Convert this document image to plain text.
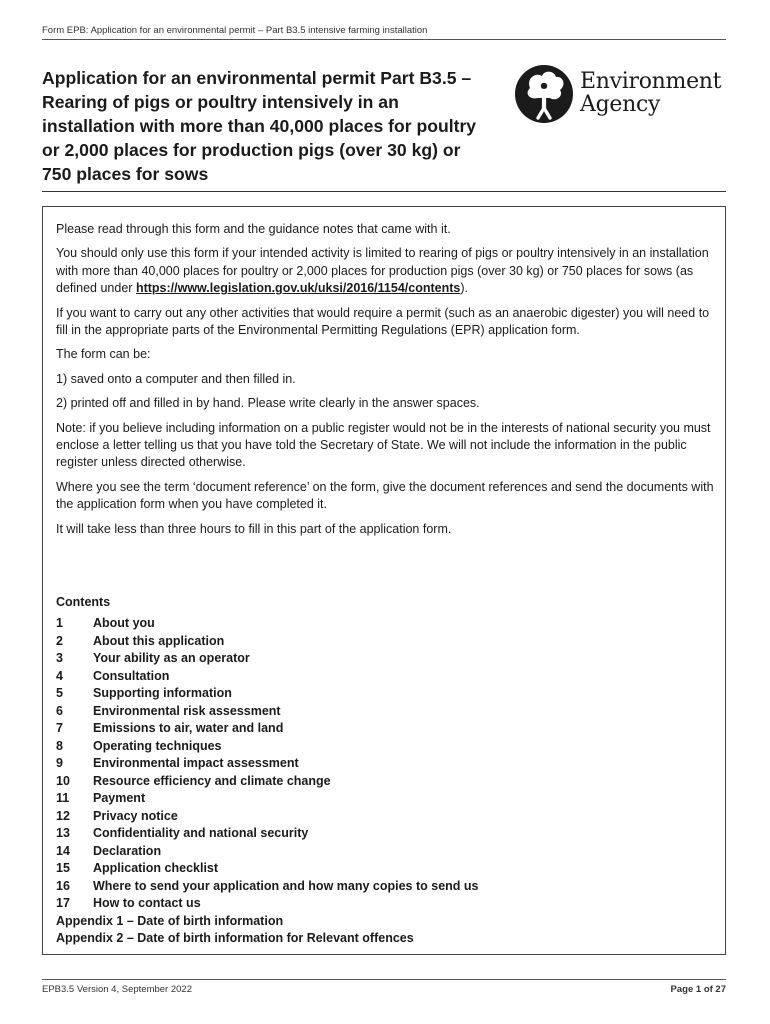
Form EPB: Application for an environmental permit – Part B3.5 intensive farming installation
Application for an environmental permit Part B3.5 – Rearing of pigs or poultry intensively in an installation with more than 40,000 places for poultry or 2,000 places for production pigs (over 30 kg) or 750 places for sows
Environment
Agency

Please read through this form and the guidance notes that came with it.

You should only use this form if your intended activity is limited to rearing of pigs or poultry intensively in an installation with more than 40,000 places for poultry or 2,000 places for production pigs (over 30 kg) or 750 places for sows (as defined under https://www.legislation.gov.uk/uksi/2016/1154/contents).

If you want to carry out any other activities that would require a permit (such as an anaerobic digester) you will need to fill in the appropriate parts of the Environmental Permitting Regulations (EPR) application form.

The form can be:

1) saved onto a computer and then filled in.

2) printed off and filled in by hand. Please write clearly in the answer spaces.

Note: if you believe including information on a public register would not be in the interests of national security you must enclose a letter telling us that you have told the Secretary of State. We will not include the information in the public register unless directed otherwise.

Where you see the term ‘document reference’ on the form, give the document references and send the documents with the application form when you have completed it.

It will take less than three hours to fill in this part of the application form.

Contents
1 About you
2 About this application
3 Your ability as an operator
4 Consultation
5 Supporting information
6 Environmental risk assessment
7 Emissions to air, water and land
8 Operating techniques
9 Environmental impact assessment
10 Resource efficiency and climate change
11 Payment
12 Privacy notice
13 Confidentiality and national security
14 Declaration
15 Application checklist
16 Where to send your application and how many copies to send us
17 How to contact us
Appendix 1 – Date of birth information
Appendix 2 – Date of birth information for Relevant offences
EPB3.5 Version 4, September 2022	Page 1 of 27
